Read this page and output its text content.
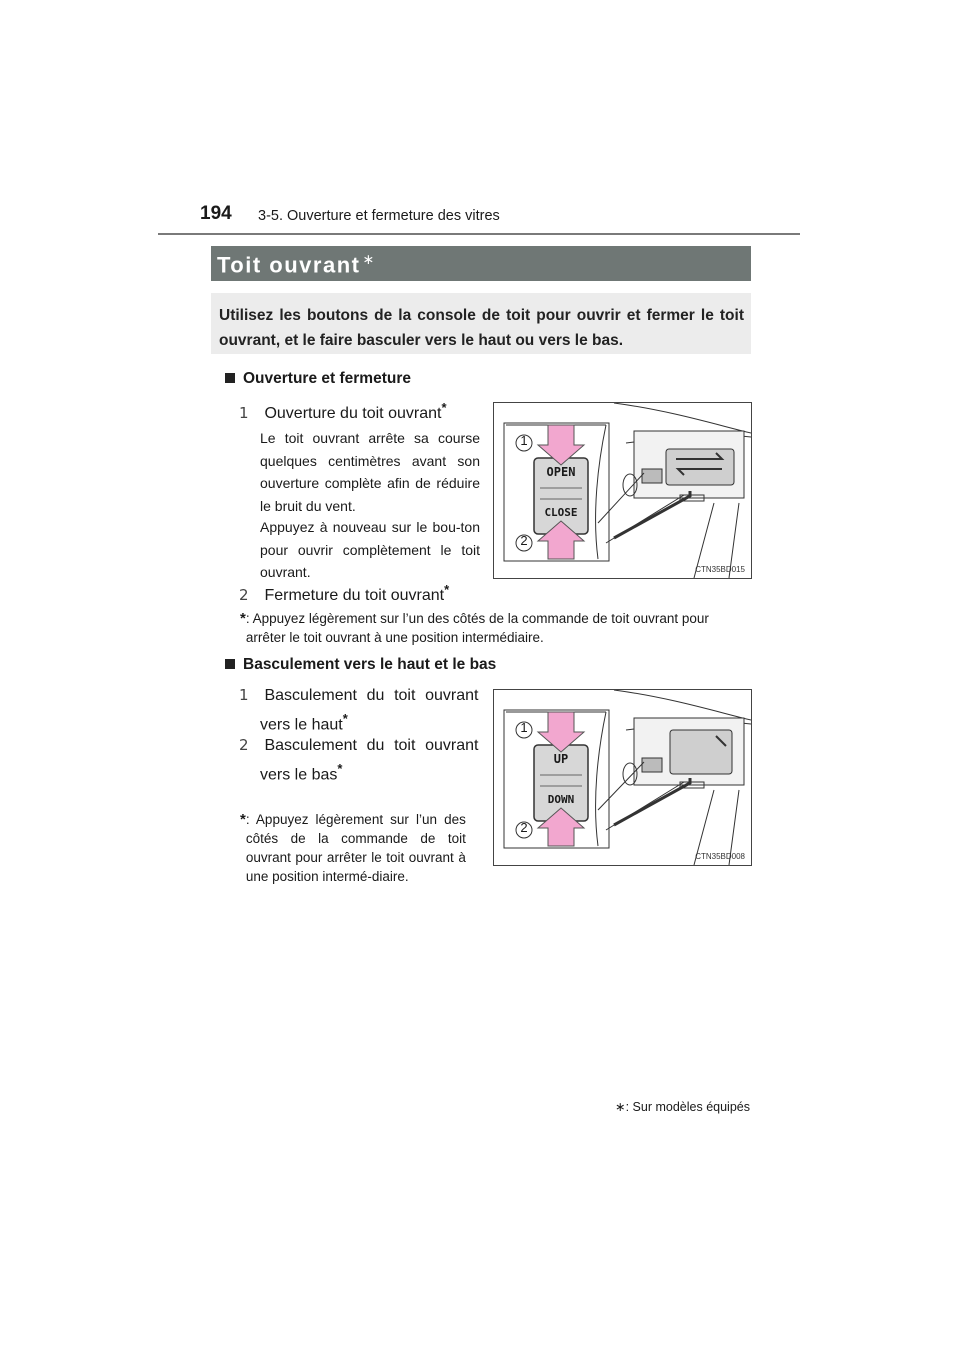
194 3-5. Ouverture et fermeture des vitres
Toit ouvrant ∗
Utilisez les boutons de la console de toit pour ouvrir et fermer le toit ouvrant, et le faire basculer vers le haut ou vers le bas.
Ouverture et fermeture
1 Ouverture du toit ouvrant*
Le toit ouvrant arrête sa course quelques centimètres avant son ouverture complète afin de réduire le bruit du vent.
Appuyez à nouveau sur le bou-ton pour ouvrir complètement le toit ouvrant.
2 Fermeture du toit ouvrant*
*: Appuyez légèrement sur l’un des côtés de la commande de toit ouvrant pour arrêter le toit ouvrant à une position intermédiaire.
1
2
OPEN
CLOSE
CTN35BD015
Basculement vers le haut et le bas
1 Basculement du toit ouvrant
vers le haut*
2 Basculement du toit ouvrant
vers le bas*
*: Appuyez légèrement sur l’un des côtés de la commande de toit ouvrant pour arrêter le toit ouvrant à une position intermé-diaire.
1
2
UP
DOWN
CTN35BD008
∗: Sur modèles équipés
